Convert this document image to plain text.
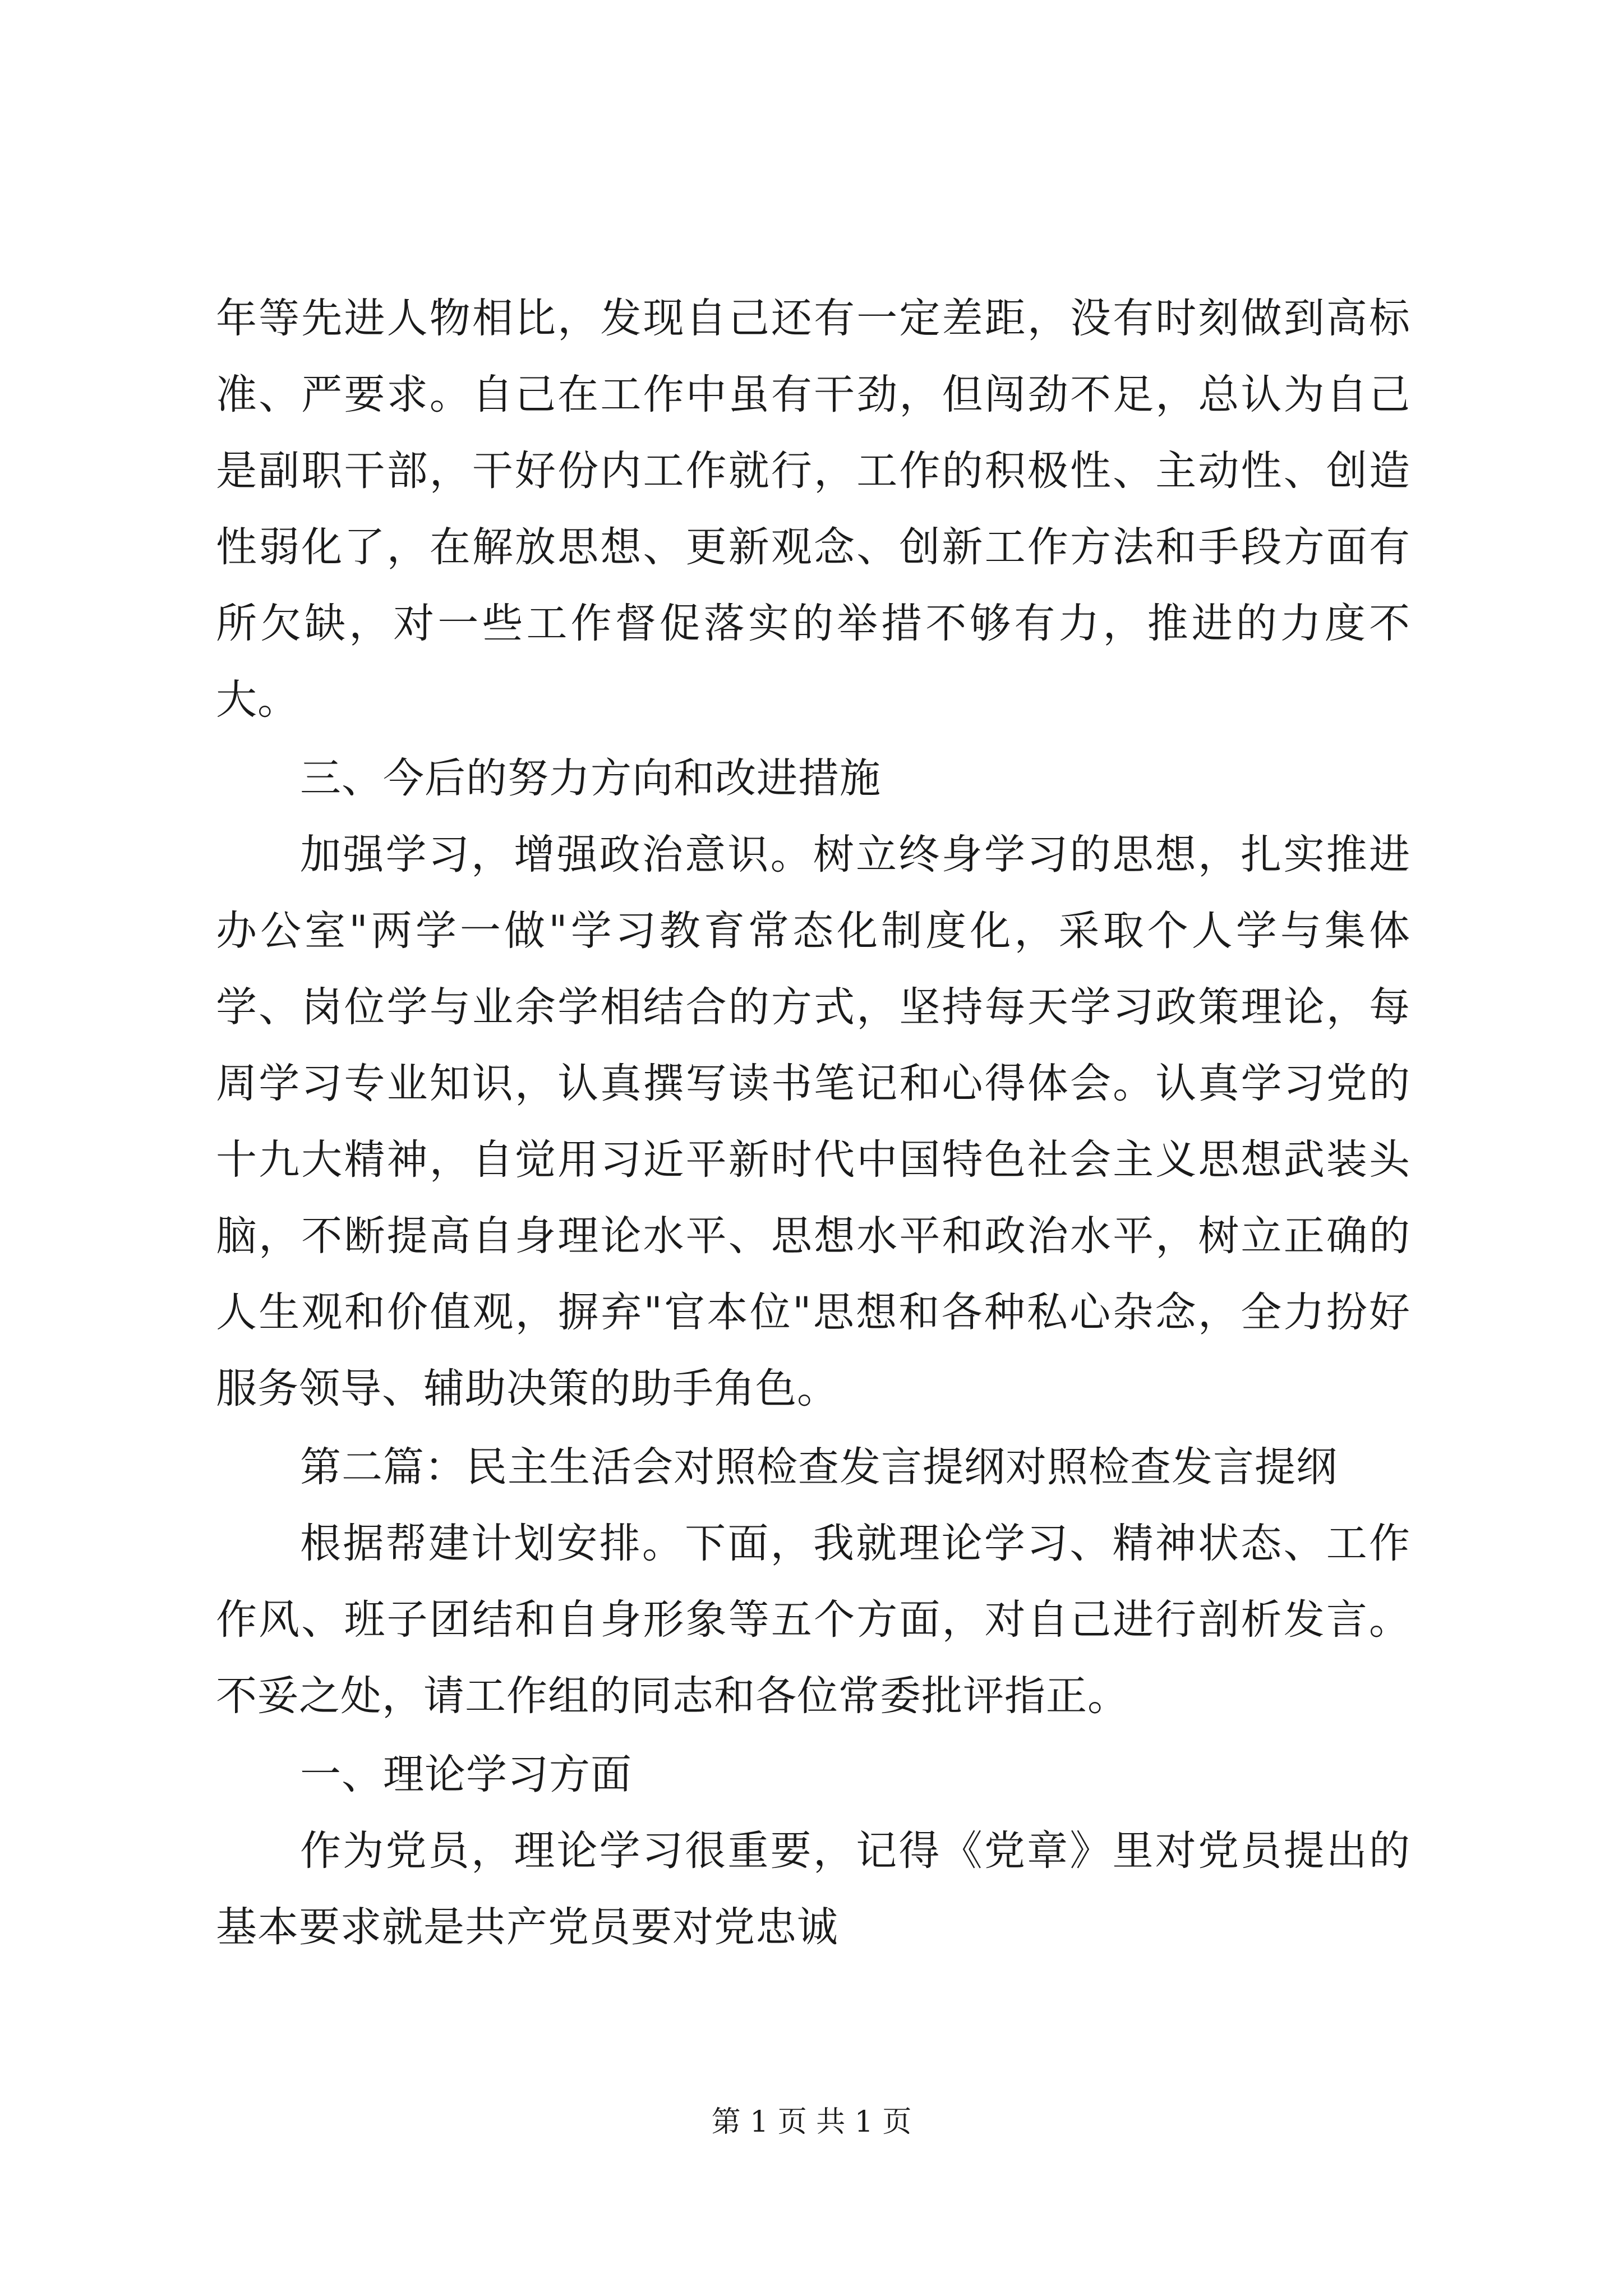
年等先进人物相比，发现自己还有一定差距，没有时刻做到高标准、严要求。自己在工作中虽有干劲，但闯劲不足，总认为自己是副职干部，干好份内工作就行，工作的积极性、主动性、创造性弱化了，在解放思想、更新观念、创新工作方法和手段方面有所欠缺，对一些工作督促落实的举措不够有力，推进的力度不大。

三、今后的努力方向和改进措施

加强学习，增强政治意识。树立终身学习的思想，扎实推进办公室"两学一做"学习教育常态化制度化，采取个人学与集体学、岗位学与业余学相结合的方式，坚持每天学习政策理论，每周学习专业知识，认真撰写读书笔记和心得体会。认真学习党的十九大精神，自觉用习近平新时代中国特色社会主义思想武装头脑，不断提高自身理论水平、思想水平和政治水平，树立正确的人生观和价值观，摒弃"官本位"思想和各种私心杂念，全力扮好服务领导、辅助决策的助手角色。

第二篇：民主生活会对照检查发言提纲对照检查发言提纲

根据帮建计划安排。下面，我就理论学习、精神状态、工作作风、班子团结和自身形象等五个方面，对自己进行剖析发言。不妥之处，请工作组的同志和各位常委批评指正。

一、理论学习方面

作为党员，理论学习很重要，记得《党章》里对党员提出的基本要求就是共产党员要对党忠诚

第 1 页 共 1 页
